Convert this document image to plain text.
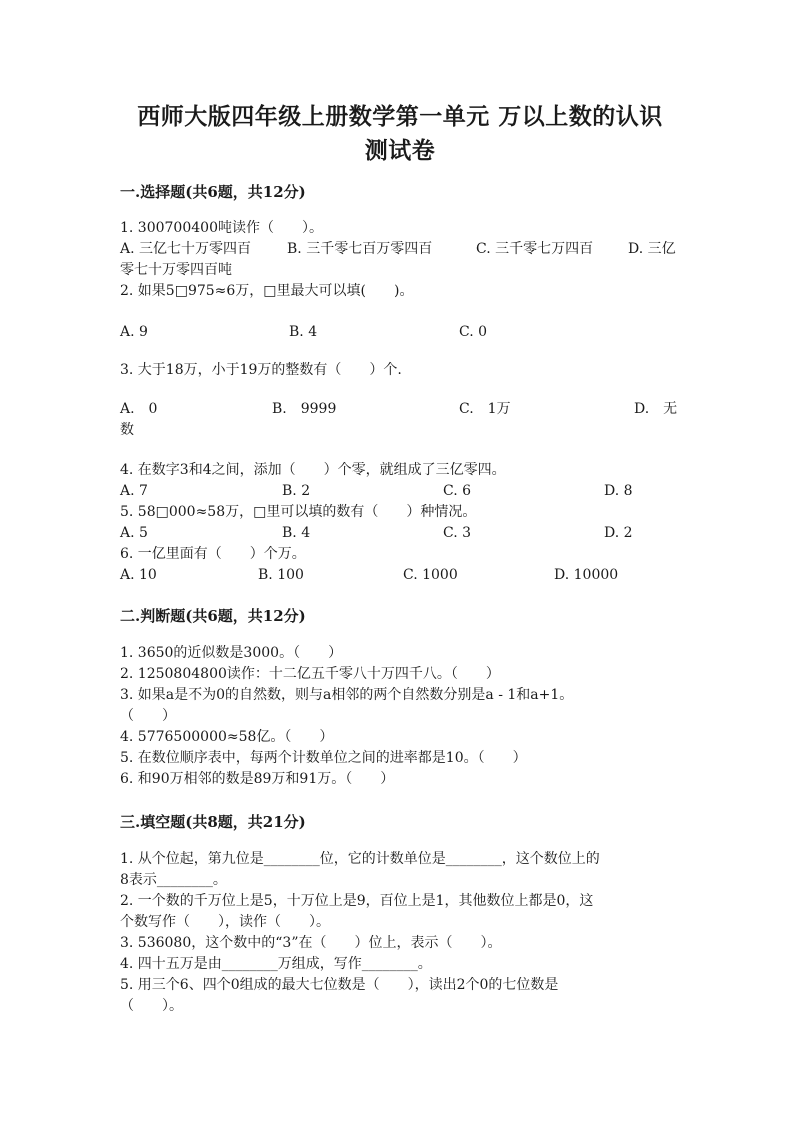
西师大版四年级上册数学第一单元 万以上数的认识
测试卷
一.选择题(共6题，共12分)
1. 300700400吨读作（　　）。
A. 三亿七十万零四百	B. 三千零七百万零四百	C. 三千零七万四百 D. 三亿
零七十万零四百吨
2. 如果5□975≈6万，□里最大可以填(　　)。
A. 9	B. 4	C. 0
3. 大于18万，小于19万的整数有（　　）个.
A.　0	B.　9999	C.　1万	D.　无
数
4. 在数字3和4之间，添加（　　）个零，就组成了三亿零四。
A. 7	B. 2	C. 6	D. 8
5. 58□000≈58万，□里可以填的数有（　　）种情况。
A. 5	B. 4	C. 3	D. 2
6. 一亿里面有（　　）个万。
A. 10	B. 100	C. 1000	D. 10000
二.判断题(共6题，共12分)
1. 3650的近似数是3000。（　　）
2. 1250804800读作：十二亿五千零八十万四千八。（　　）
3. 如果a是不为0的自然数，则与a相邻的两个自然数分别是a - 1和a+1。
（　　）
4. 5776500000≈58亿。（　　）
5. 在数位顺序表中，每两个计数单位之间的进率都是10。（　　）
6. 和90万相邻的数是89万和91万。（　　）
三.填空题(共8题，共21分)
1. 从个位起，第九位是________位，它的计数单位是________，这个数位上的
8表示________。
2. 一个数的千万位上是5，十万位上是9，百位上是1，其他数位上都是0，这
个数写作（　　），读作（　　）。
3. 536080，这个数中的“3”在（　　）位上，表示（　　）。
4. 四十五万是由________万组成，写作________。
5. 用三个6、四个0组成的最大七位数是（　　），读出2个0的七位数是
（　　）。
